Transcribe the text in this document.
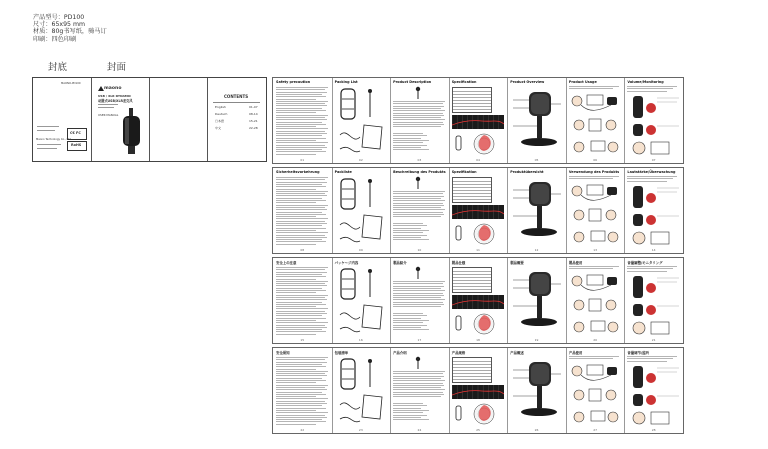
产品型号：PD100
尺寸：65x95 mm
材质：80g书写纸，骑马订
印刷：四色印刷
封底	封面
MAONO-PD100
C€ FC
RoHS
Maono Technology Co., Ltd.
maono
USB / XLR DYNAMIC
动圈式USB/XLR麦克风
USER MANUAL
CONTENTS
English	01-07
Deutsch	08-14
日本語	15-21
中文	22-28
Safety precaution
01
Packing List
02
Product Description
03
Specification
04
Product Overview
05
Product Usage
06
Volume/Monitoring
07
Sicherheitsvorkehrung
08
Packliste
09
Beschreibung des Produkts
10
Spezifikation
11
Produktübersicht
12
Verwendung des Produkts
13
Lautstärke/Überwachung
14
安全上の注意
15
パッケージ内容
16
製品紹介
17
製品仕様
18
製品概要
19
製品使用
20
音量調整/モニタリング
21
安全须知
22
包装清单
23
产品介绍
24
产品规格
25
产品概述
26
产品使用
27
音量调节/监听
28
